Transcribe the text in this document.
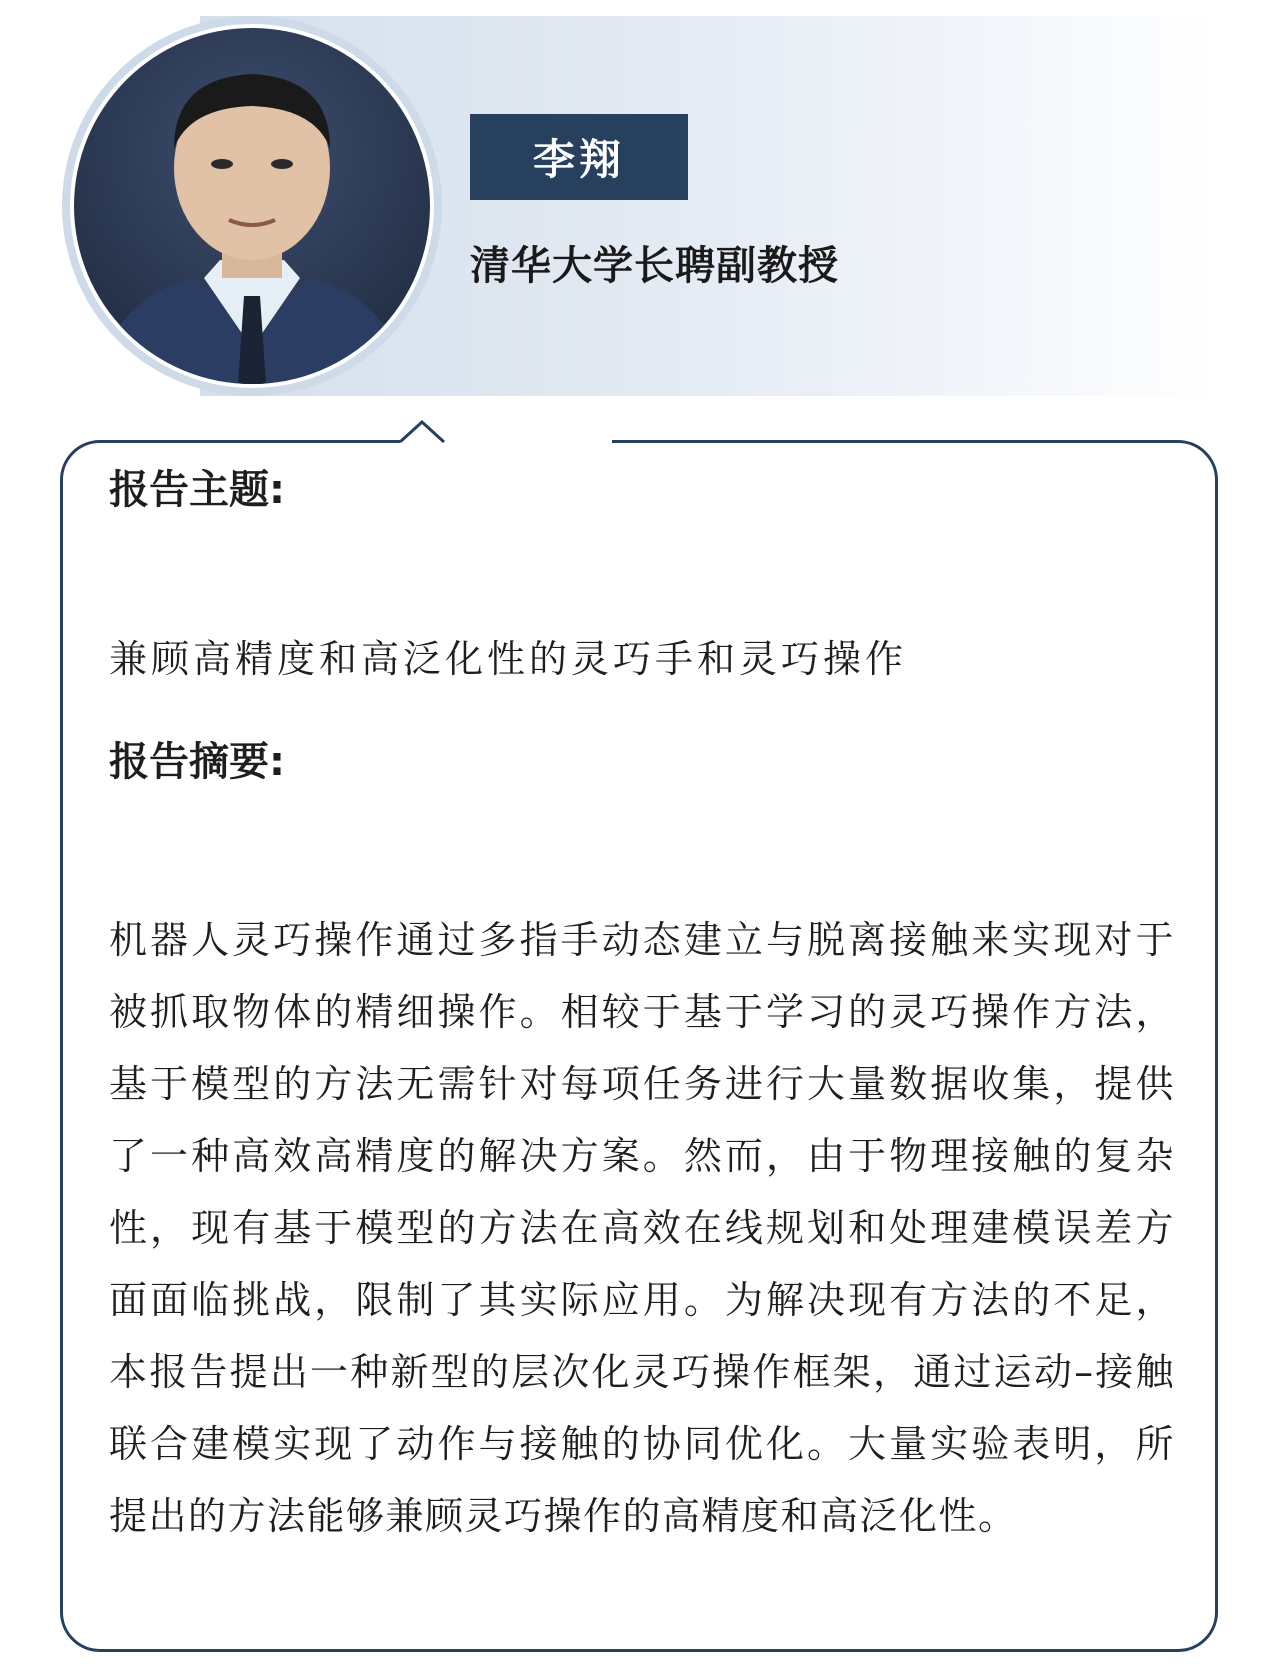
李翔
清华大学长聘副教授
报告主题:
兼顾高精度和高泛化性的灵巧手和灵巧操作
报告摘要:

机器人灵巧操作通过多指手动态建立与脱离接触来实现对于被抓取物体的精细操作。相较于基于学习的灵巧操作方法，基于模型的方法无需针对每项任务进行大量数据收集，提供了一种高效高精度的解决方案。然而，由于物理接触的复杂性，现有基于模型的方法在高效在线规划和处理建模误差方面面临挑战，限制了其实际应用。为解决现有方法的不足，本报告提出一种新型的层次化灵巧操作框架，通过运动–接触联合建模实现了动作与接触的协同优化。大量实验表明，所提出的方法能够兼顾灵巧操作的高精度和高泛化性。
